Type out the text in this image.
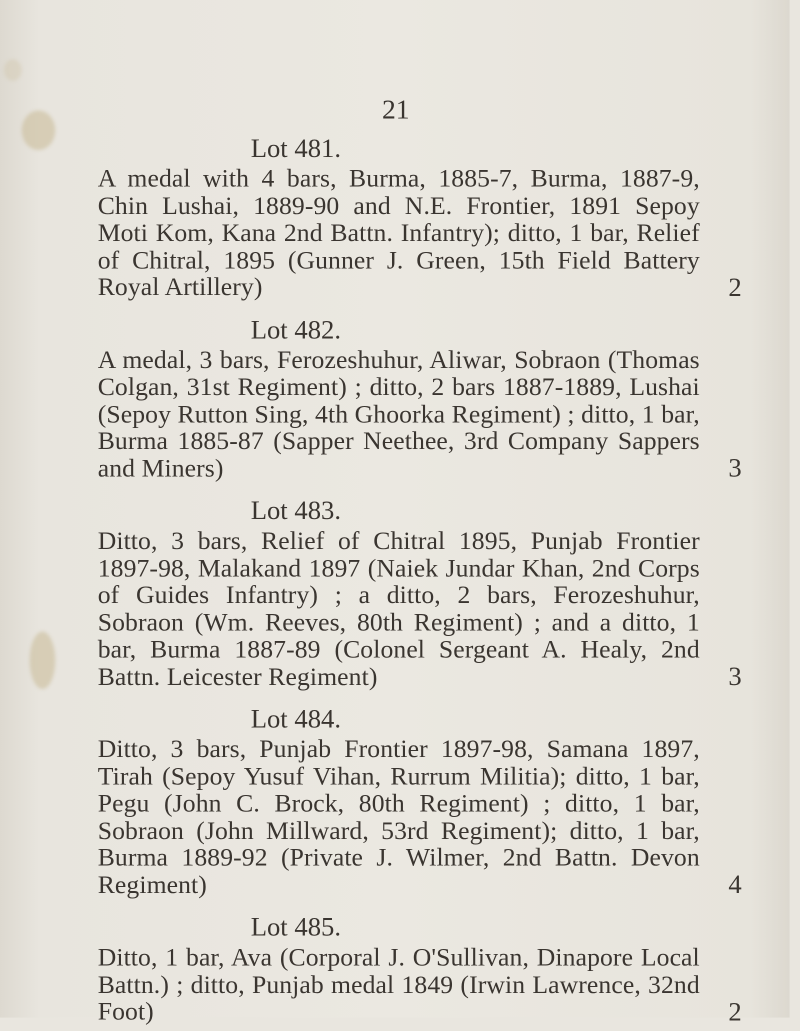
21
Lot 481.
A medal with 4 bars, Burma, 1885-7, Burma, 1887-9, Chin Lushai, 1889-90 and N.E. Frontier, 1891 Sepoy Moti Kom, Kana 2nd Battn. Infantry); ditto, 1 bar, Relief of Chitral, 1895 (Gunner J. Green, 15th Field Battery Royal Artillery)	2
Lot 482.
A medal, 3 bars, Ferozeshuhur, Aliwar, Sobraon (Thomas Colgan, 31st Regiment) ; ditto, 2 bars 1887-1889, Lushai (Sepoy Rutton Sing, 4th Ghoorka Regiment) ; ditto, 1 bar, Burma 1885-87 (Sapper Neethee, 3rd Company Sappers and Miners)	3
Lot 483.
Ditto, 3 bars, Relief of Chitral 1895, Punjab Frontier 1897-98, Malakand 1897 (Naiek Jundar Khan, 2nd Corps of Guides Infantry) ; a ditto, 2 bars, Ferozeshuhur, Sobraon (Wm. Reeves, 80th Regiment) ; and a ditto, 1 bar, Burma 1887-89 (Colonel Sergeant A. Healy, 2nd Battn. Leicester Regiment)	3
Lot 484.
Ditto, 3 bars, Punjab Frontier 1897-98, Samana 1897, Tirah (Sepoy Yusuf Vihan, Rurrum Militia); ditto, 1 bar, Pegu (John C. Brock, 80th Regiment) ; ditto, 1 bar, Sobraon (John Millward, 53rd Regiment); ditto, 1 bar, Burma 1889-92 (Private J. Wilmer, 2nd Battn. Devon Regiment)	4
Lot 485.
Ditto, 1 bar, Ava (Corporal J. O'Sullivan, Dinapore Local Battn.) ; ditto, Punjab medal 1849 (Irwin Lawrence, 32nd Foot)	2
